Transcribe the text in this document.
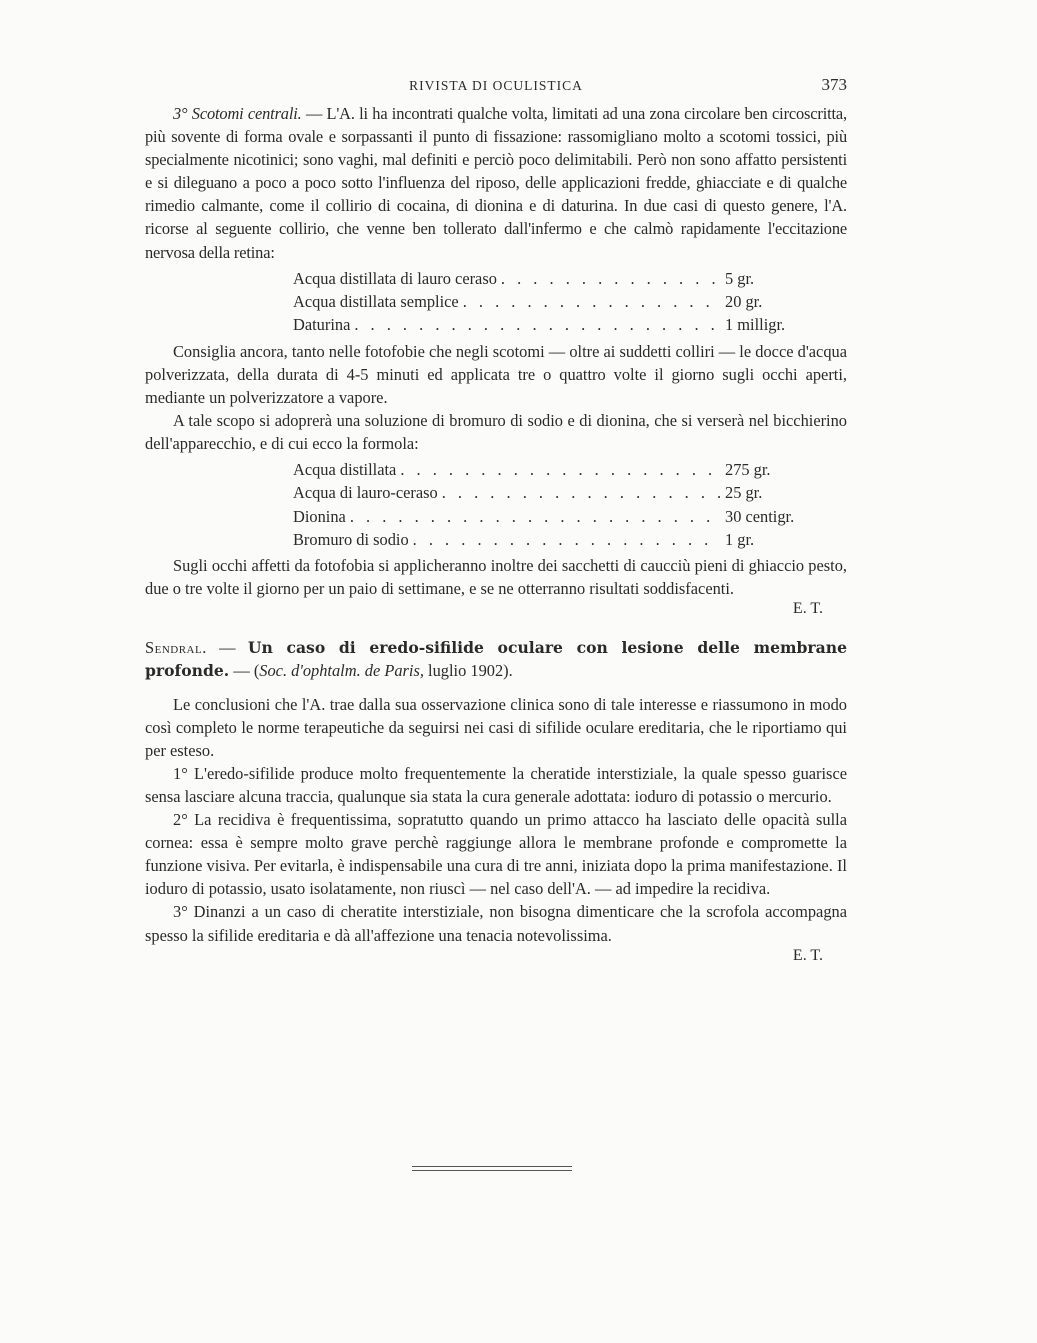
RIVISTA DI OCULISTICA	373

3° Scotomi centrali. — L'A. li ha incontrati qualche volta, limitati ad una zona circolare ben circoscritta, più sovente di forma ovale e sorpassanti il punto di fissazione: rassomigliano molto a scotomi tossici, più specialmente nicotinici; sono vaghi, mal definiti e perciò poco delimitabili. Però non sono affatto persistenti e si dileguano a poco a poco sotto l'influenza del riposo, delle applicazioni fredde, ghiacciate e di qualche rimedio calmante, come il collirio di cocaina, di dionina e di daturina. In due casi di questo genere, l'A. ricorse al seguente collirio, che venne ben tollerato dall'infermo e che calmò rapidamente l'eccitazione nervosa della retina:

Acqua distillata di lauro ceraso . . .	5 gr.
Acqua distillata semplice . . .	20 gr.
Daturina . . .	1 milligr.

Consiglia ancora, tanto nelle fotofobie che negli scotomi — oltre ai suddetti colliri — le docce d'acqua polverizzata, della durata di 4-5 minuti ed applicata tre o quattro volte il giorno sugli occhi aperti, mediante un polverizzatore a vapore.

A tale scopo si adoprerà una soluzione di bromuro di sodio e di dionina, che si verserà nel bicchierino dell'apparecchio, e di cui ecco la formola:

Acqua distillata . . .	275 gr.
Acqua di lauro-ceraso . . .	25 gr.
Dionina . . .	30 centigr.
Bromuro di sodio . . .	1 gr.

Sugli occhi affetti da fotofobia si applicheranno inoltre dei sacchetti di caucciù pieni di ghiaccio pesto, due o tre volte il giorno per un paio di settimane, e se ne otterranno risultati soddisfacenti.

E. T.

Sendral. — Un caso di eredo-sifilide oculare con lesione delle membrane profonde. — (Soc. d'ophtalm. de Paris, luglio 1902).

Le conclusioni che l'A. trae dalla sua osservazione clinica sono di tale interesse e riassumono in modo così completo le norme terapeutiche da seguirsi nei casi di sifilide oculare ereditaria, che le riportiamo qui per esteso.

1° L'eredo-sifilide produce molto frequentemente la cheratide interstiziale, la quale spesso guarisce sensa lasciare alcuna traccia, qualunque sia stata la cura generale adottata: ioduro di potassio o mercurio.

2° La recidiva è frequentissima, sopratutto quando un primo attacco ha lasciato delle opacità sulla cornea: essa è sempre molto grave perchè raggiunge allora le membrane profonde e compromette la funzione visiva. Per evitarla, è indispensabile una cura di tre anni, iniziata dopo la prima manifestazione. Il ioduro di potassio, usato isolatamente, non riuscì — nel caso dell'A. — ad impedire la recidiva.

3° Dinanzi a un caso di cheratite interstiziale, non bisogna dimenticare che la scrofola accompagna spesso la sifilide ereditaria e dà all'affezione una tenacia notevolissima.

E. T.
